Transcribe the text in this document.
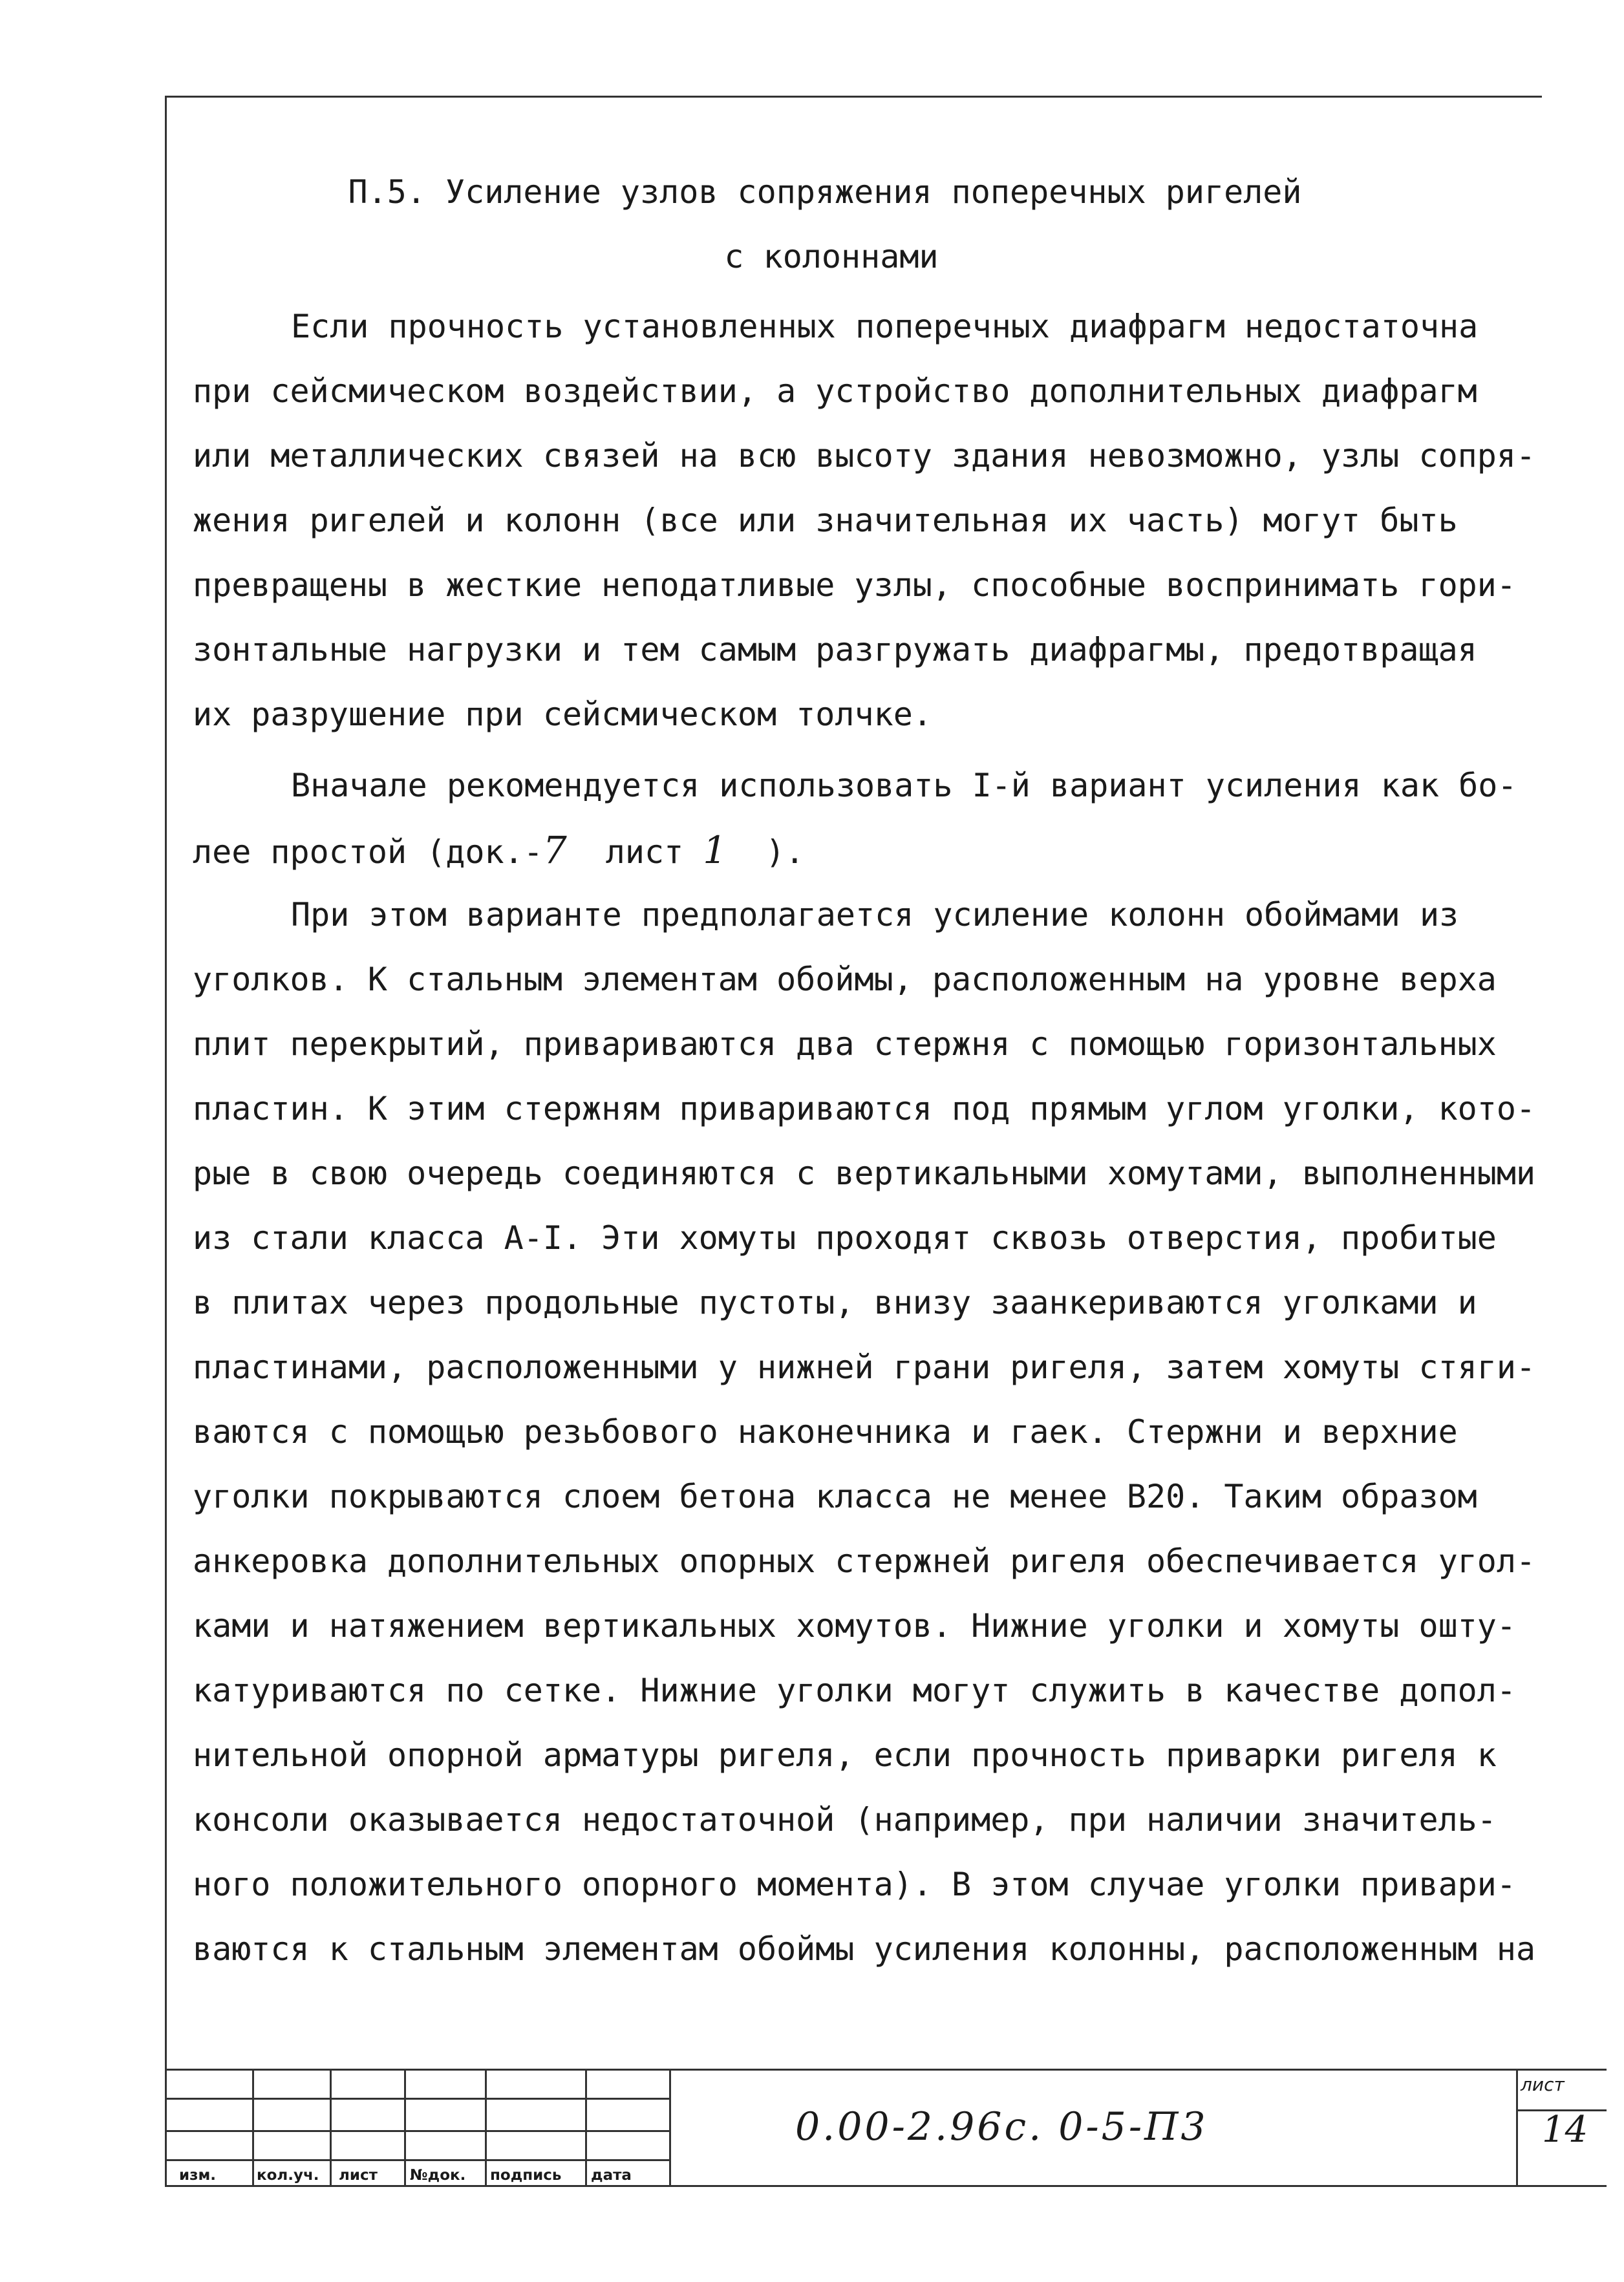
П.5. Усиление узлов сопряжения поперечных ригелей
с колоннами
Если прочность установленных поперечных диафрагм недостаточна
при сейсмическом воздействии, а устройство дополнительных диафрагм
или металлических связей на всю высоту здания невозможно, узлы сопря-
жения ригелей и колонн (все или значительная их часть) могут быть
превращены в жесткие неподатливые узлы, способные воспринимать гори-
зонтальные нагрузки и тем самым разгружать диафрагмы, предотвращая
их разрушение при сейсмическом толчке.
Вначале рекомендуется использовать I-й вариант усиления как бо-
лее простой (док.-7 лист 1 ).
При этом варианте предполагается усиление колонн обоймами из
уголков. К стальным элементам обоймы, расположенным на уровне верха
плит перекрытий, привариваются два стержня с помощью горизонтальных
пластин. К этим стержням привариваются под прямым углом уголки, кото-
рые в свою очередь соединяются с вертикальными хомутами, выполненными
из стали класса А-I. Эти хомуты проходят сквозь отверстия, пробитые
в плитах через продольные пустоты, внизу заанкериваются уголками и
пластинами, расположенными у нижней грани ригеля, затем хомуты стяги-
ваются с помощью резьбового наконечника и гаек. Стержни и верхние
уголки покрываются слоем бетона класса не менее В20. Таким образом
анкеровка дополнительных опорных стержней ригеля обеспечивается угол-
ками и натяжением вертикальных хомутов. Нижние уголки и хомуты ошту-
катуриваются по сетке. Нижние уголки могут служить в качестве допол-
нительной опорной арматуры ригеля, если прочность приварки ригеля к
консоли оказывается недостаточной (например, при наличии значитель-
ного положительного опорного момента). В этом случае уголки привари-
ваются к стальным элементам обоймы усиления колонны, расположенным на
изм.	кол.уч. лист №док. подпись дата
0.00-2.96с. 0-5-П3
лист
14
